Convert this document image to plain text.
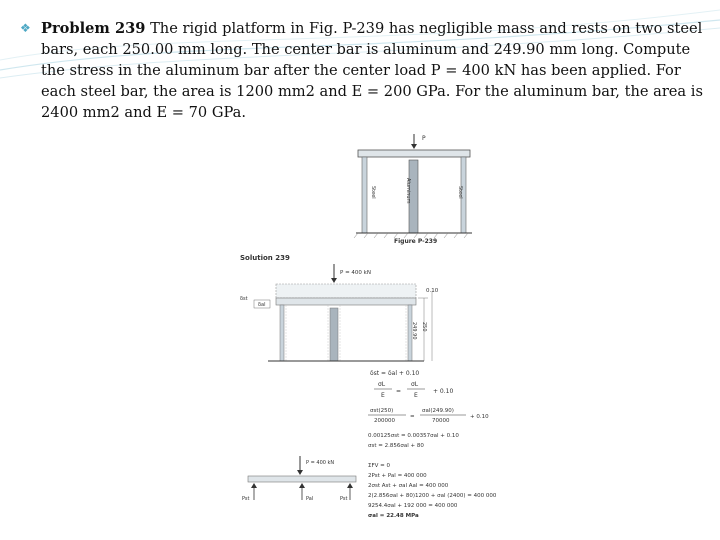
❖ Problem 239 The rigid platform in Fig. P-239 has negligible mass and rests on two steel bars, each 250.00 mm long. The center bar is aluminum and 249.90 mm long. Compute the stress in the aluminum bar after the center load P = 400 kN has been applied. For each steel bar, the area is 1200 mm2 and E = 200 GPa. For the aluminum bar, the area is 2400 mm2 and E = 70 GPa.

P
Steel	Aluminum	Steel
Figure P-239
Solution 239
P = 400 kN
0.10
δst
δal
249.90 250
δst = δal + 0.10
σL
E
=
σL
E
+ 0.10
σst(250)
200000
=
σal(249.90)
70000
+ 0.10
0.00125σst = 0.00357σal + 0.10
σst = 2.856σal + 80
P = 400 kN
Pst	Pal	Pst
ΣFV = 0
2Pst + Pal = 400 000
2σst Ast + σal Aal = 400 000
2(2.856σal + 80)1200 + σal (2400) = 400 000
9254.4σal + 192 000 = 400 000
σal = 22.48 MPa
